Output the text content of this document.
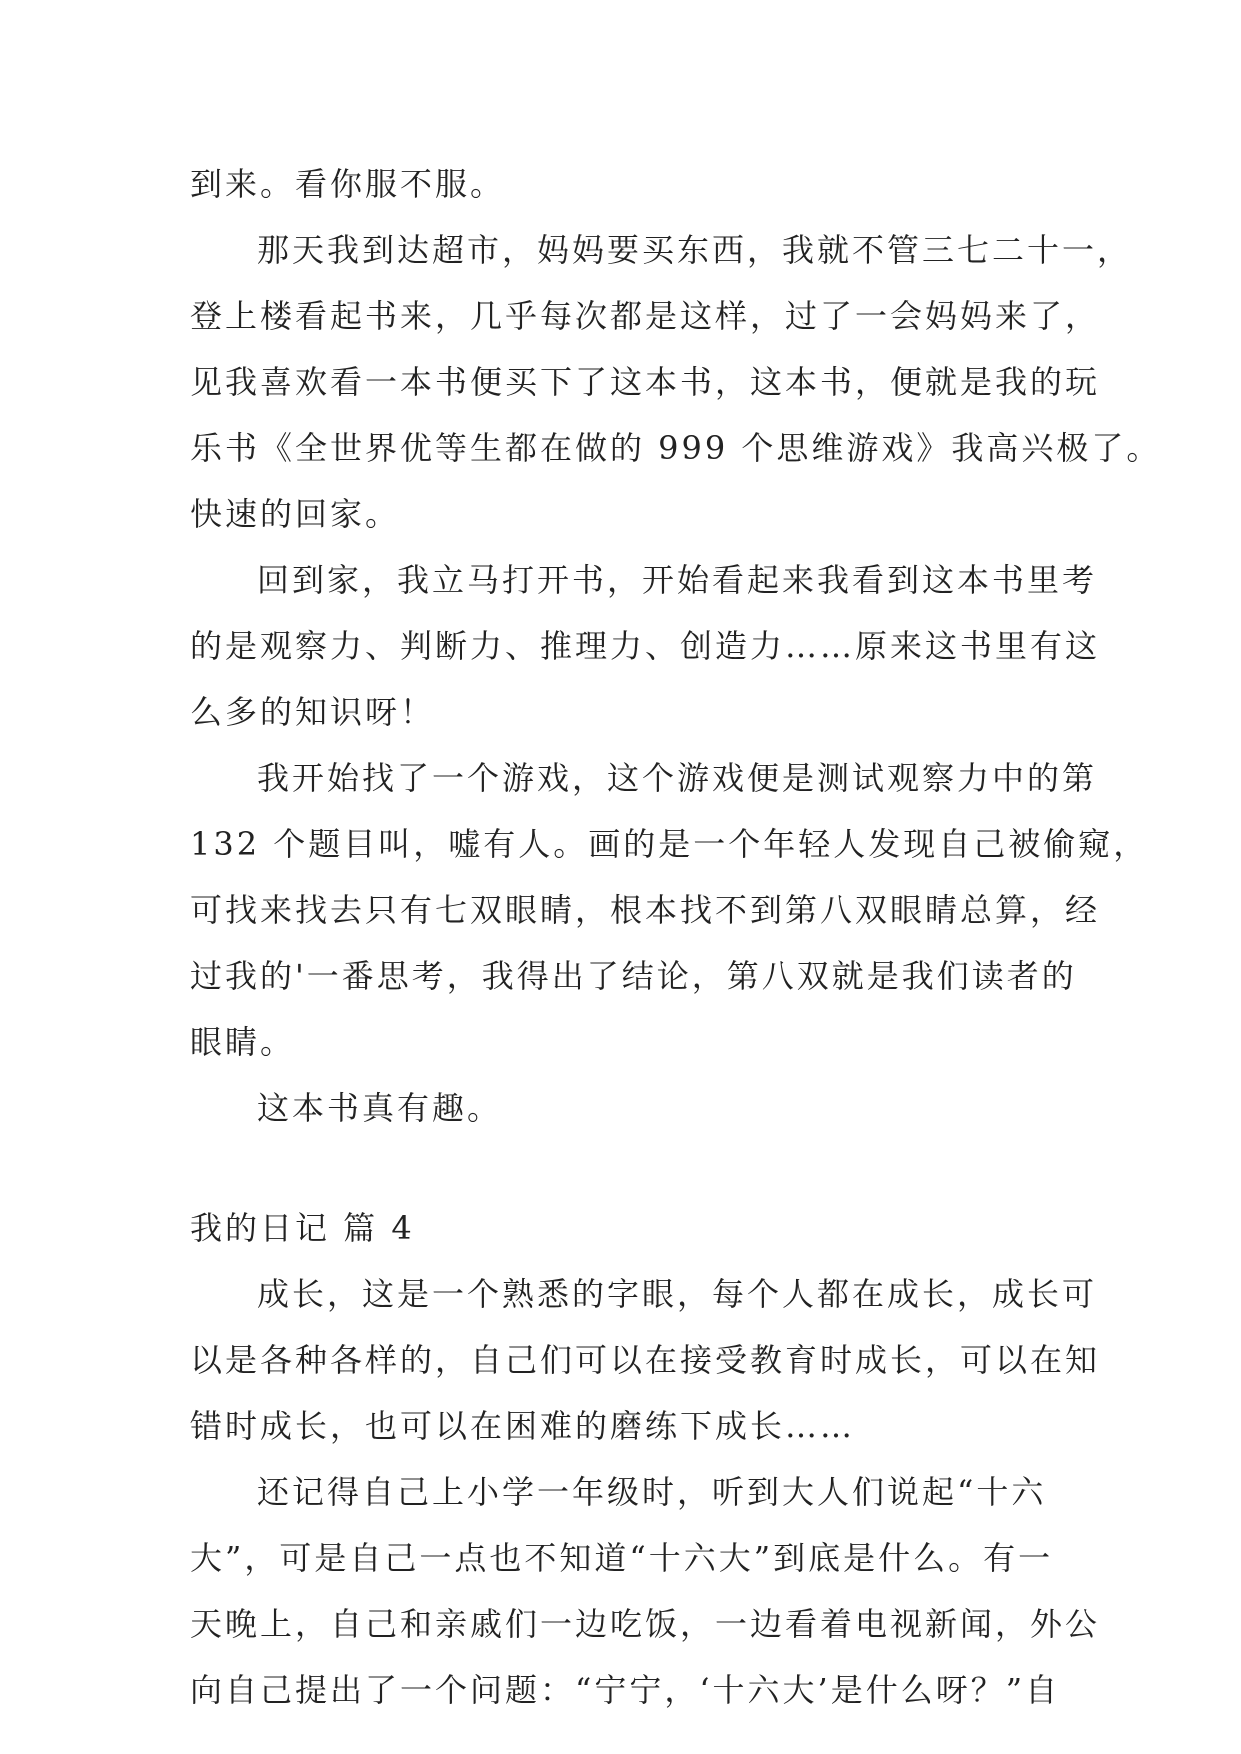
到来。看你服不服。
那天我到达超市，妈妈要买东西，我就不管三七二十一，
登上楼看起书来，几乎每次都是这样，过了一会妈妈来了，
见我喜欢看一本书便买下了这本书，这本书，便就是我的玩
乐书《全世界优等生都在做的 999 个思维游戏》我高兴极了。
快速的回家。
回到家，我立马打开书，开始看起来我看到这本书里考
的是观察力、判断力、推理力、创造力……原来这书里有这
么多的知识呀！
我开始找了一个游戏，这个游戏便是测试观察力中的第
132 个题目叫，嘘有人。画的是一个年轻人发现自己被偷窥，
可找来找去只有七双眼睛，根本找不到第八双眼睛总算，经
过我的'一番思考，我得出了结论，第八双就是我们读者的
眼睛。
这本书真有趣。
我的日记 篇 4
成长，这是一个熟悉的字眼，每个人都在成长，成长可
以是各种各样的，自己们可以在接受教育时成长，可以在知
错时成长，也可以在困难的磨练下成长……
还记得自己上小学一年级时，听到大人们说起“十六
大”，可是自己一点也不知道“十六大”到底是什么。有一
天晚上，自己和亲戚们一边吃饭，一边看着电视新闻，外公
向自己提出了一个问题：“宁宁，‘十六大’是什么呀？”自
